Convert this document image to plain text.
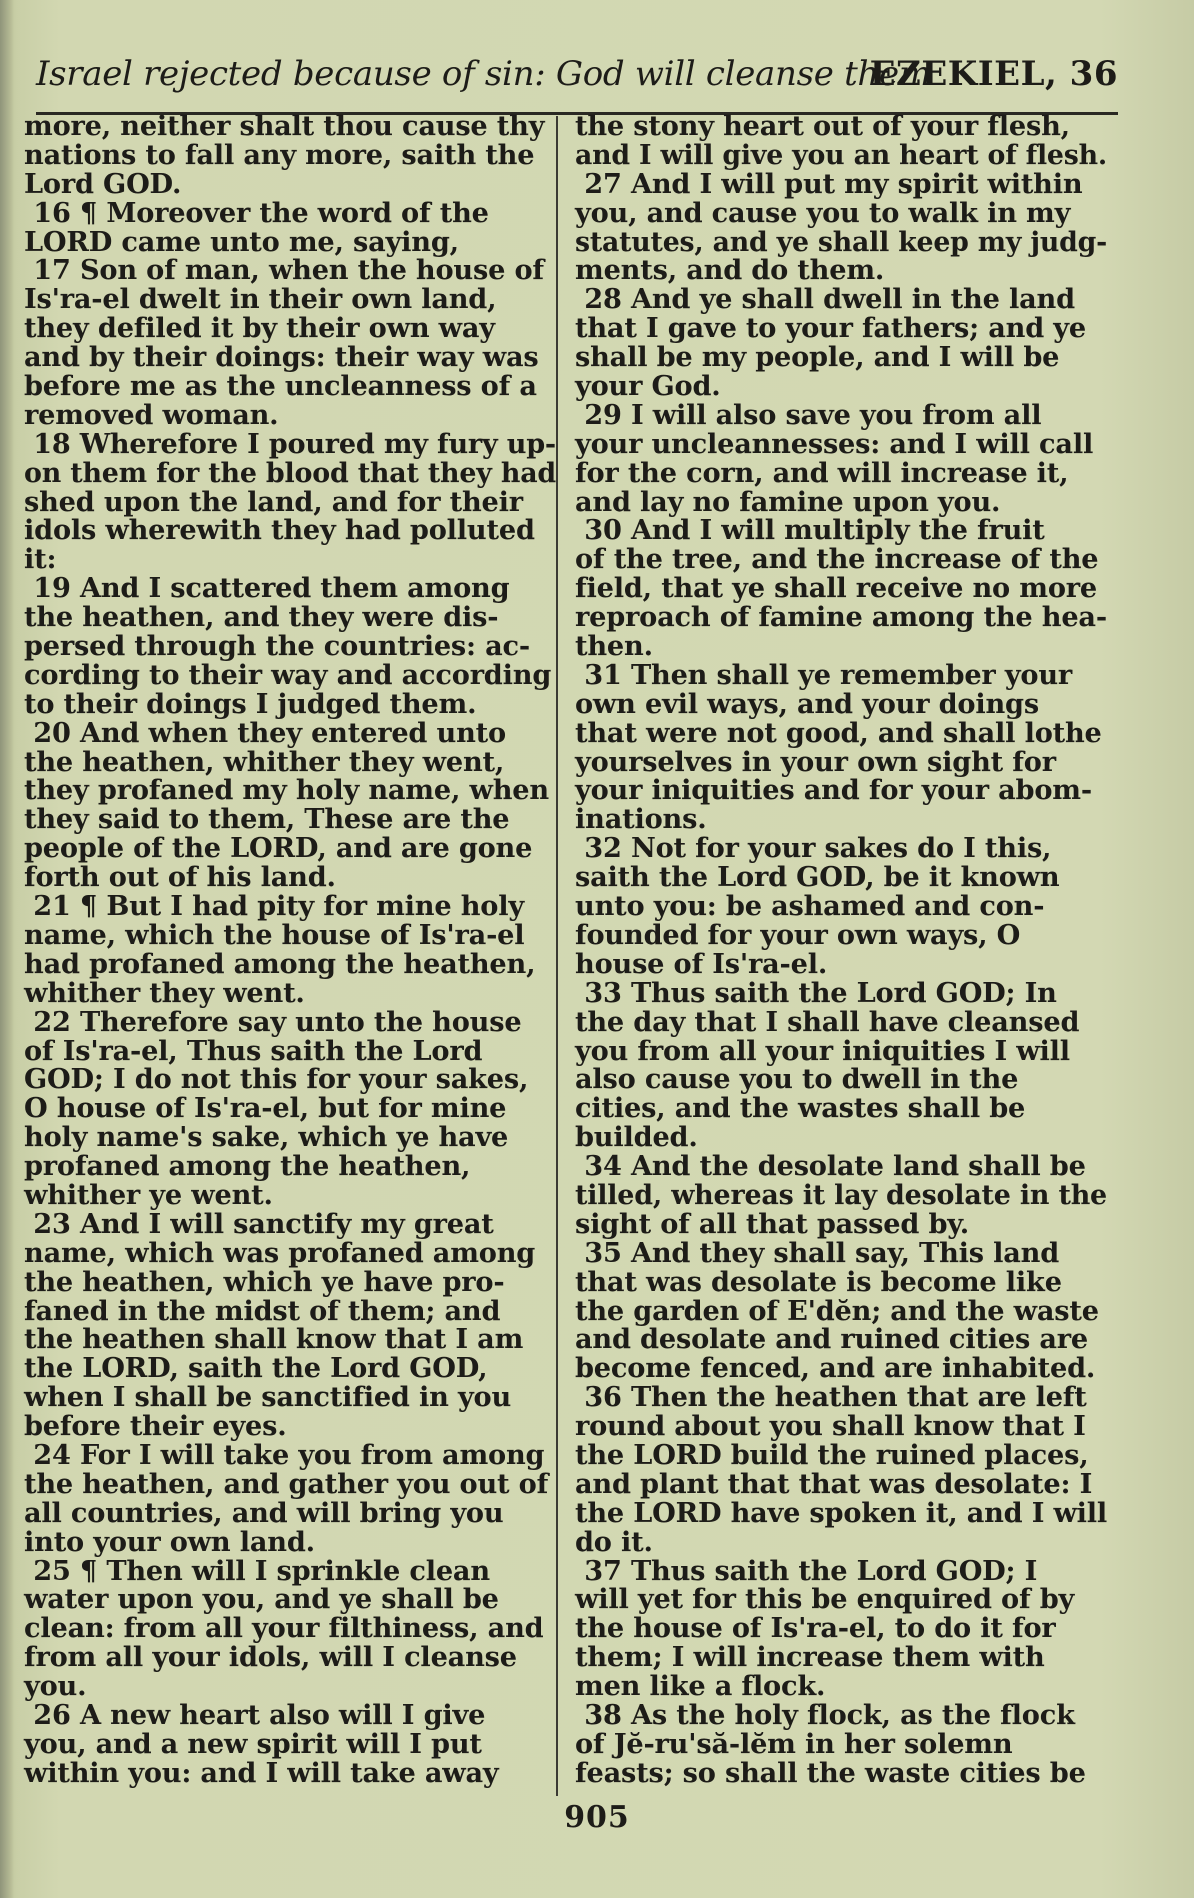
Israel rejected because of sin: God will cleanse them
EZEKIEL, 36
more, neither shalt thou cause thy
nations to fall any more, saith the
Lord GOD.
16 ¶ Moreover the word of the
LORD came unto me, saying,
17 Son of man, when the house of
Is'ra-el dwelt in their own land,
they defiled it by their own way
and by their doings: their way was
before me as the uncleanness of a
removed woman.
18 Wherefore I poured my fury up-
on them for the blood that they had
shed upon the land, and for their
idols wherewith they had polluted
it:
19 And I scattered them among
the heathen, and they were dis-
persed through the countries: ac-
cording to their way and according
to their doings I judged them.
20 And when they entered unto
the heathen, whither they went,
they profaned my holy name, when
they said to them, These are the
people of the LORD, and are gone
forth out of his land.
21 ¶ But I had pity for mine holy
name, which the house of Is'ra-el
had profaned among the heathen,
whither they went.
22 Therefore say unto the house
of Is'ra-el, Thus saith the Lord
GOD; I do not this for your sakes,
O house of Is'ra-el, but for mine
holy name's sake, which ye have
profaned among the heathen,
whither ye went.
23 And I will sanctify my great
name, which was profaned among
the heathen, which ye have pro-
faned in the midst of them; and
the heathen shall know that I am
the LORD, saith the Lord GOD,
when I shall be sanctified in you
before their eyes.
24 For I will take you from among
the heathen, and gather you out of
all countries, and will bring you
into your own land.
25 ¶ Then will I sprinkle clean
water upon you, and ye shall be
clean: from all your filthiness, and
from all your idols, will I cleanse
you.
26 A new heart also will I give
you, and a new spirit will I put
within you: and I will take away
the stony heart out of your flesh,
and I will give you an heart of flesh.
27 And I will put my spirit within
you, and cause you to walk in my
statutes, and ye shall keep my judg-
ments, and do them.
28 And ye shall dwell in the land
that I gave to your fathers; and ye
shall be my people, and I will be
your God.
29 I will also save you from all
your uncleannesses: and I will call
for the corn, and will increase it,
and lay no famine upon you.
30 And I will multiply the fruit
of the tree, and the increase of the
field, that ye shall receive no more
reproach of famine among the hea-
then.
31 Then shall ye remember your
own evil ways, and your doings
that were not good, and shall lothe
yourselves in your own sight for
your iniquities and for your abom-
inations.
32 Not for your sakes do I this,
saith the Lord GOD, be it known
unto you: be ashamed and con-
founded for your own ways, O
house of Is'ra-el.
33 Thus saith the Lord GOD; In
the day that I shall have cleansed
you from all your iniquities I will
also cause you to dwell in the
cities, and the wastes shall be
builded.
34 And the desolate land shall be
tilled, whereas it lay desolate in the
sight of all that passed by.
35 And they shall say, This land
that was desolate is become like
the garden of E'dĕn; and the waste
and desolate and ruined cities are
become fenced, and are inhabited.
36 Then the heathen that are left
round about you shall know that I
the LORD build the ruined places,
and plant that that was desolate: I
the LORD have spoken it, and I will
do it.
37 Thus saith the Lord GOD; I
will yet for this be enquired of by
the house of Is'ra-el, to do it for
them; I will increase them with
men like a flock.
38 As the holy flock, as the flock
of Jĕ-ru'să-lĕm in her solemn
feasts; so shall the waste cities be
905
